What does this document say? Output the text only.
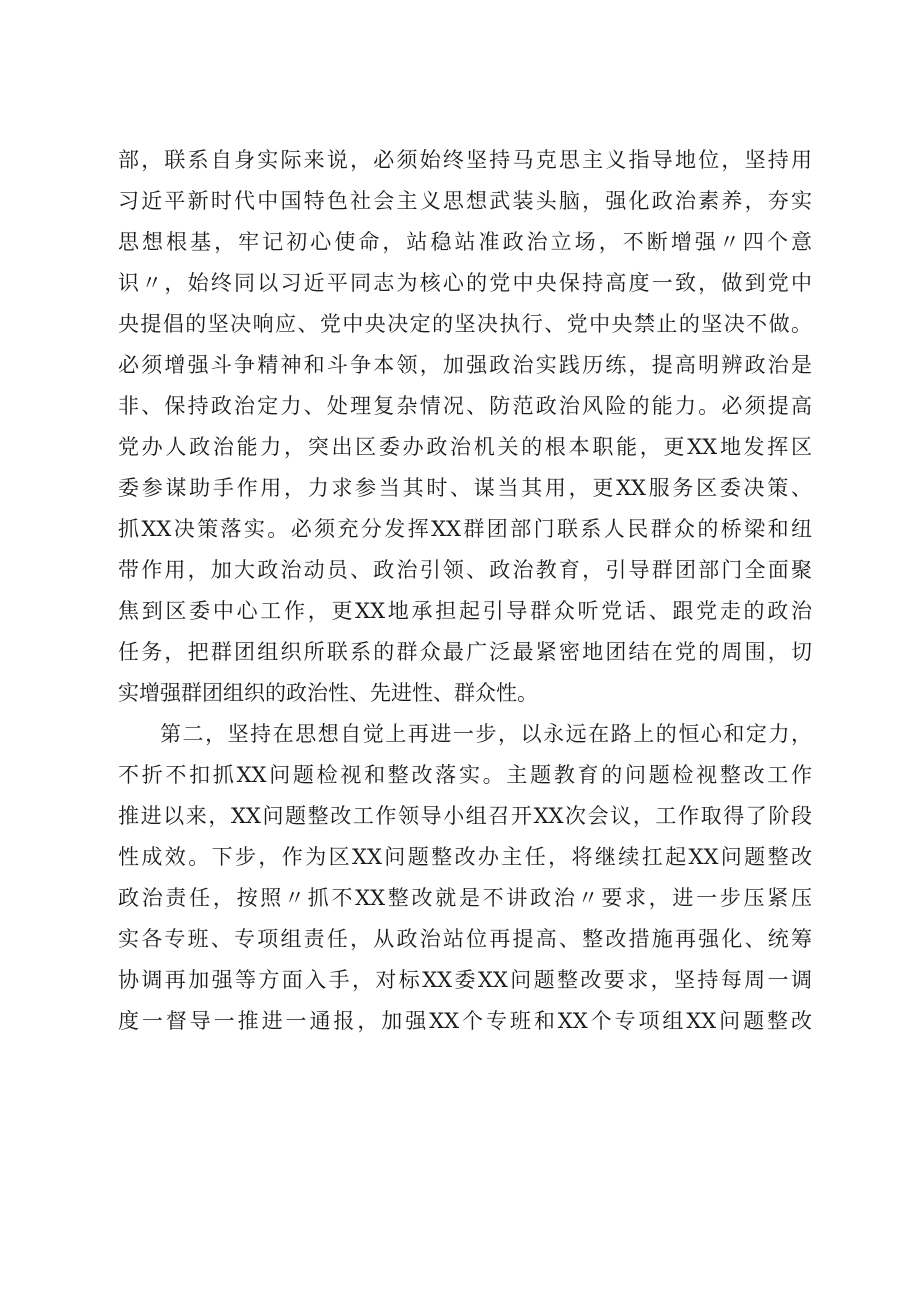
部，联系自身实际来说，必须始终坚持马克思主义指导地位，坚持用
习近平新时代中国特色社会主义思想武装头脑，强化政治素养，夯实
思想根基，牢记初心使命，站稳站准政治立场，不断增强〃四个意
识〃，始终同以习近平同志为核心的党中央保持高度一致，做到党中
央提倡的坚决响应、党中央决定的坚决执行、党中央禁止的坚决不做。
必须增强斗争精神和斗争本领，加强政治实践历练，提高明辨政治是
非、保持政治定力、处理复杂情况、防范政治风险的能力。必须提高
党办人政治能力，突出区委办政治机关的根本职能，更XX地发挥区
委参谋助手作用，力求参当其时、谋当其用，更XX服务区委决策、
抓XX决策落实。必须充分发挥XX群团部门联系人民群众的桥梁和纽
带作用，加大政治动员、政治引领、政治教育，引导群团部门全面聚
焦到区委中心工作，更XX地承担起引导群众听党话、跟党走的政治
任务，把群团组织所联系的群众最广泛最紧密地团结在党的周围，切
实增强群团组织的政治性、先进性、群众性。
第二，坚持在思想自觉上再进一步，以永远在路上的恒心和定力，
不折不扣抓XX问题检视和整改落实。主题教育的问题检视整改工作
推进以来，XX问题整改工作领导小组召开XX次会议，工作取得了阶段
性成效。下步，作为区XX问题整改办主任，将继续扛起XX问题整改
政治责任，按照〃抓不XX整改就是不讲政治〃要求，进一步压紧压
实各专班、专项组责任，从政治站位再提高、整改措施再强化、统筹
协调再加强等方面入手，对标XX委XX问题整改要求，坚持每周一调
度一督导一推进一通报，加强XX个专班和XX个专项组XX问题整改
